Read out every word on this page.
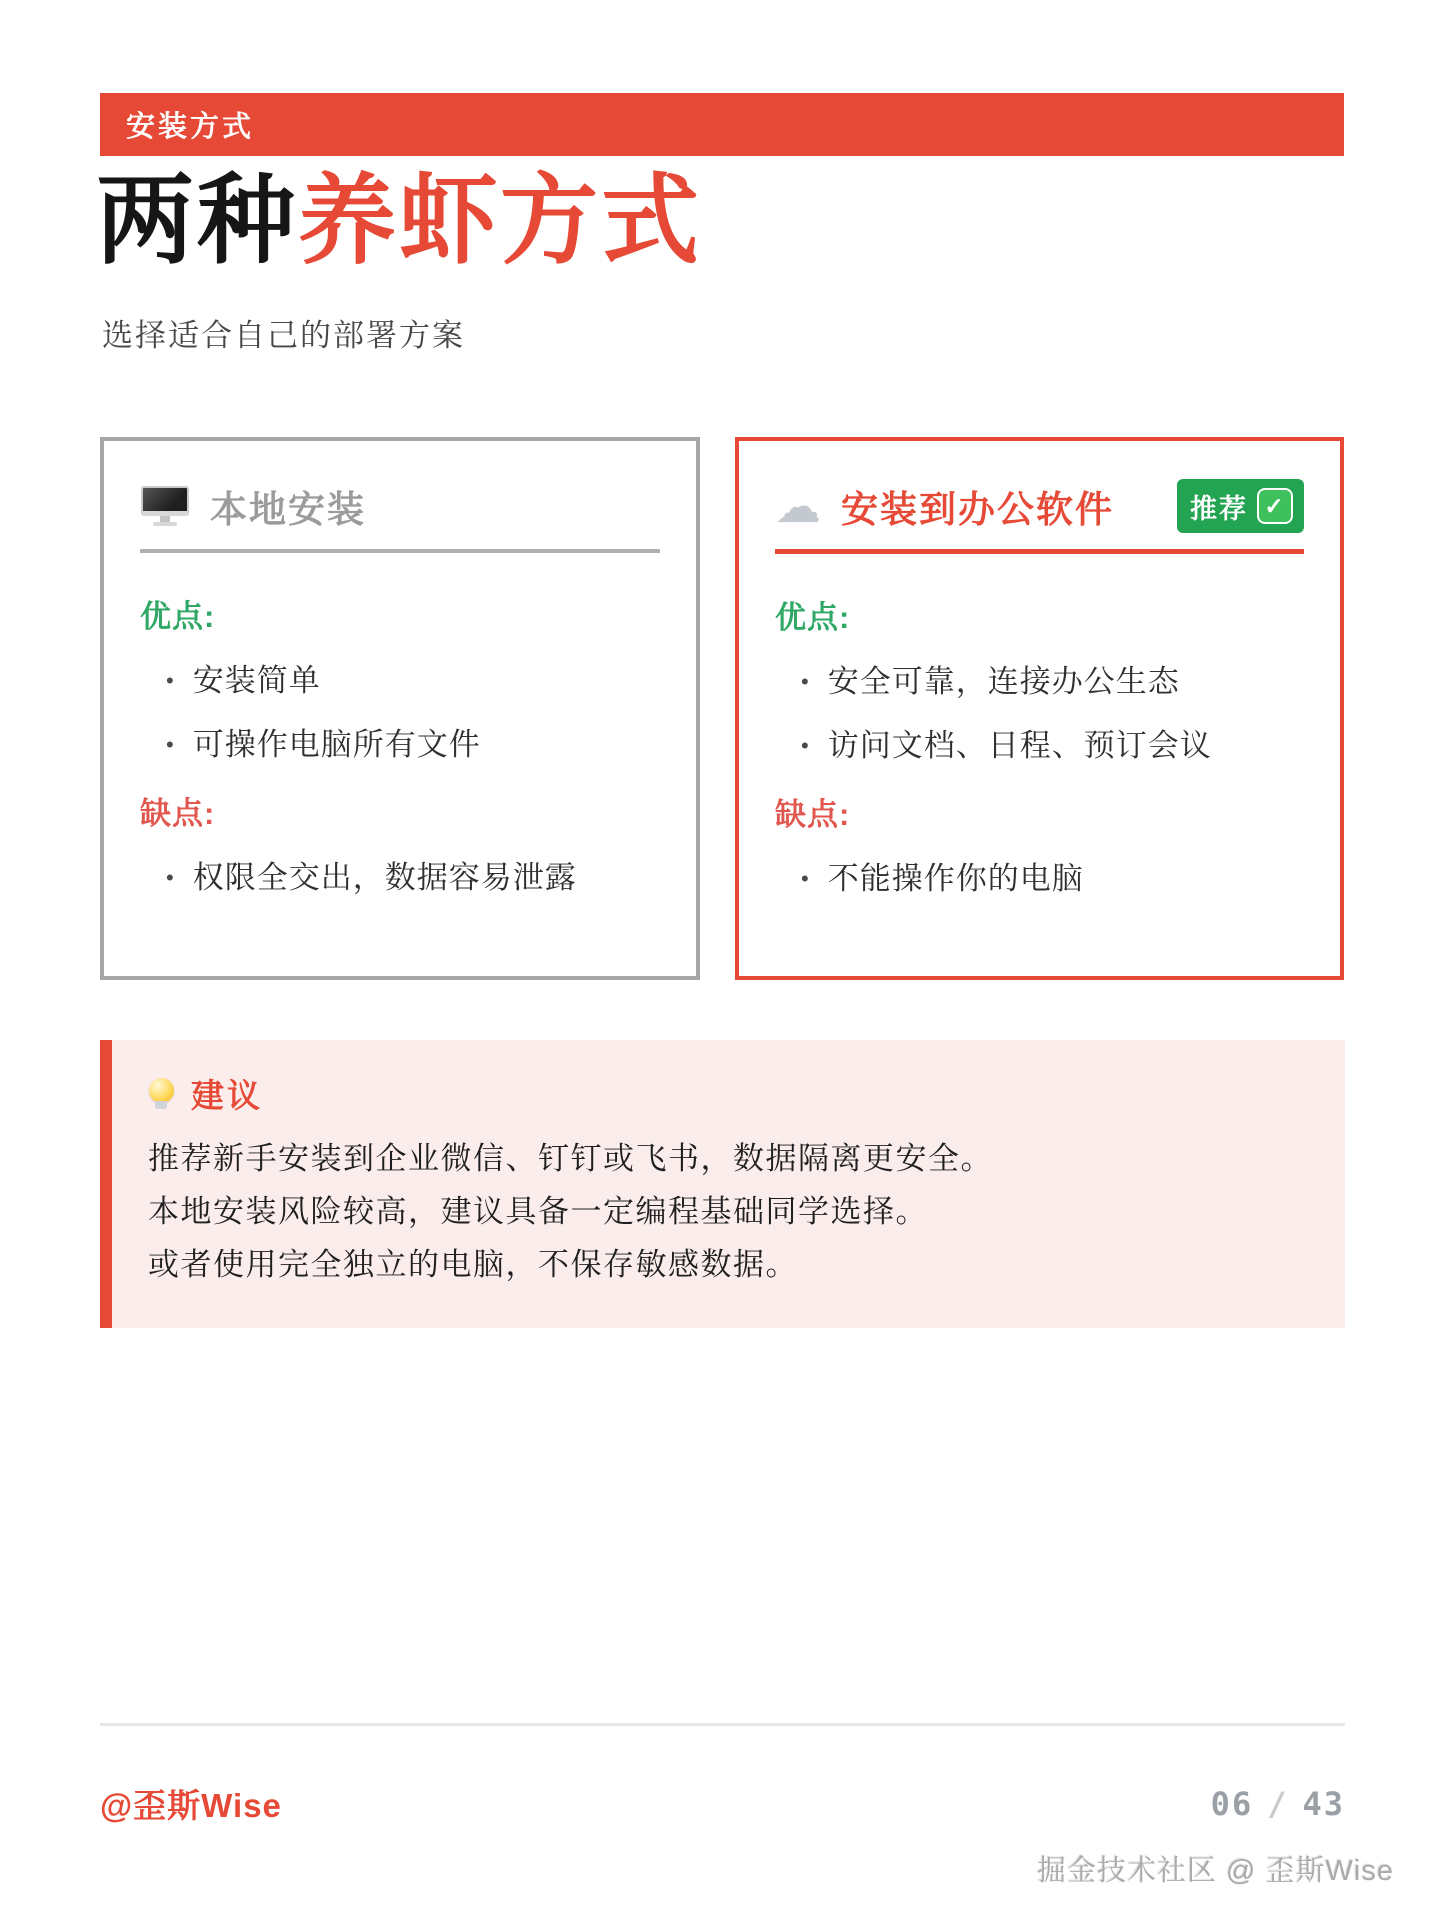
安装方式
两种养虾方式
选择适合自己的部署方案
本地安装
优点:
• 安装简单
• 可操作电脑所有文件
缺点:
• 权限全交出，数据容易泄露
☁ 安装到办公软件	推荐 ✓
优点:
• 安全可靠，连接办公生态
• 访问文档、日程、预订会议
缺点:
• 不能操作你的电脑
建议
推荐新手安装到企业微信、钉钉或飞书，数据隔离更安全。
本地安装风险较高，建议具备一定编程基础同学选择。
或者使用完全独立的电脑，不保存敏感数据。
@歪斯Wise	06 / 43
掘金技术社区 @ 歪斯Wise
